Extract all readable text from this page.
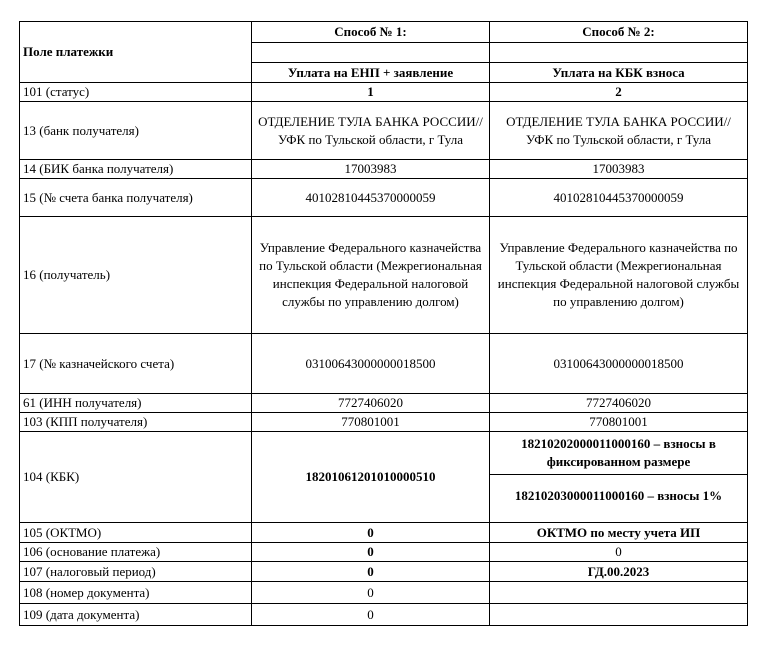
Поле платежки	Способ № 1:	Способ № 2:

	Уплата на ЕНП + заявление	Уплата на КБК взноса
101 (статус)	1	2
13 (банк получателя)	ОТДЕЛЕНИЕ ТУЛА БАНКА РОССИИ//УФК по Тульской области, г Тула	ОТДЕЛЕНИЕ ТУЛА БАНКА РОССИИ//УФК по Тульской области, г Тула
14 (БИК банка получателя)	17003983	17003983
15 (№ счета банка получателя)	40102810445370000059	40102810445370000059
16 (получатель)	Управление Федерального казначейства по Тульской области (Межрегиональная инспекция Федеральной налоговой службы по управлению долгом)	Управление Федерального казначейства по Тульской области (Межрегиональная инспекция Федеральной налоговой службы по управлению долгом)
17 (№ казначейского счета)	03100643000000018500	03100643000000018500
61 (ИНН получателя)	7727406020	7727406020
103 (КПП получателя)	770801001	770801001
104 (КБК)	18201061201010000510	18210202000011000160 – взносы в фиксированном размере
		18210203000011000160 – взносы 1%
105 (ОКТМО)	0	ОКТМО по месту учета ИП
106 (основание платежа)	0	0
107 (налоговый период)	0	ГД.00.2023
108 (номер документа)	0	
109 (дата документа)	0	
